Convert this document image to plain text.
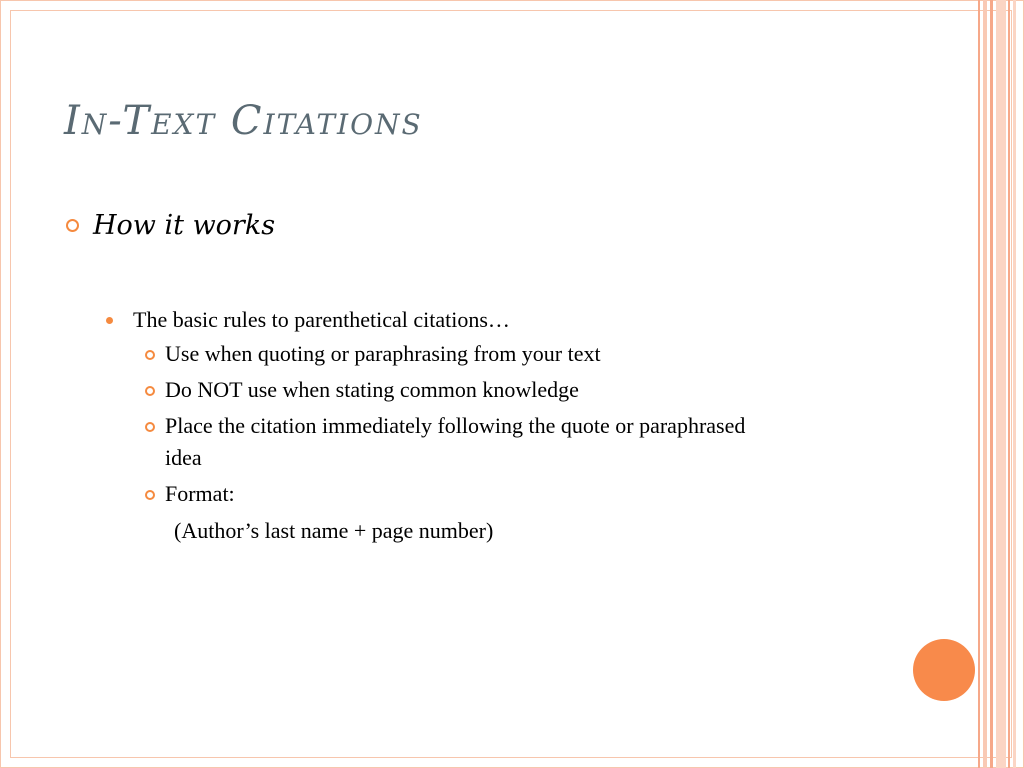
In-Text Citations
How it works
The basic rules to parenthetical citations…
Use when quoting or paraphrasing from your text
Do NOT use when stating common knowledge
Place the citation immediately following the quote or paraphrased idea
Format:
(Author’s last name + page number)
